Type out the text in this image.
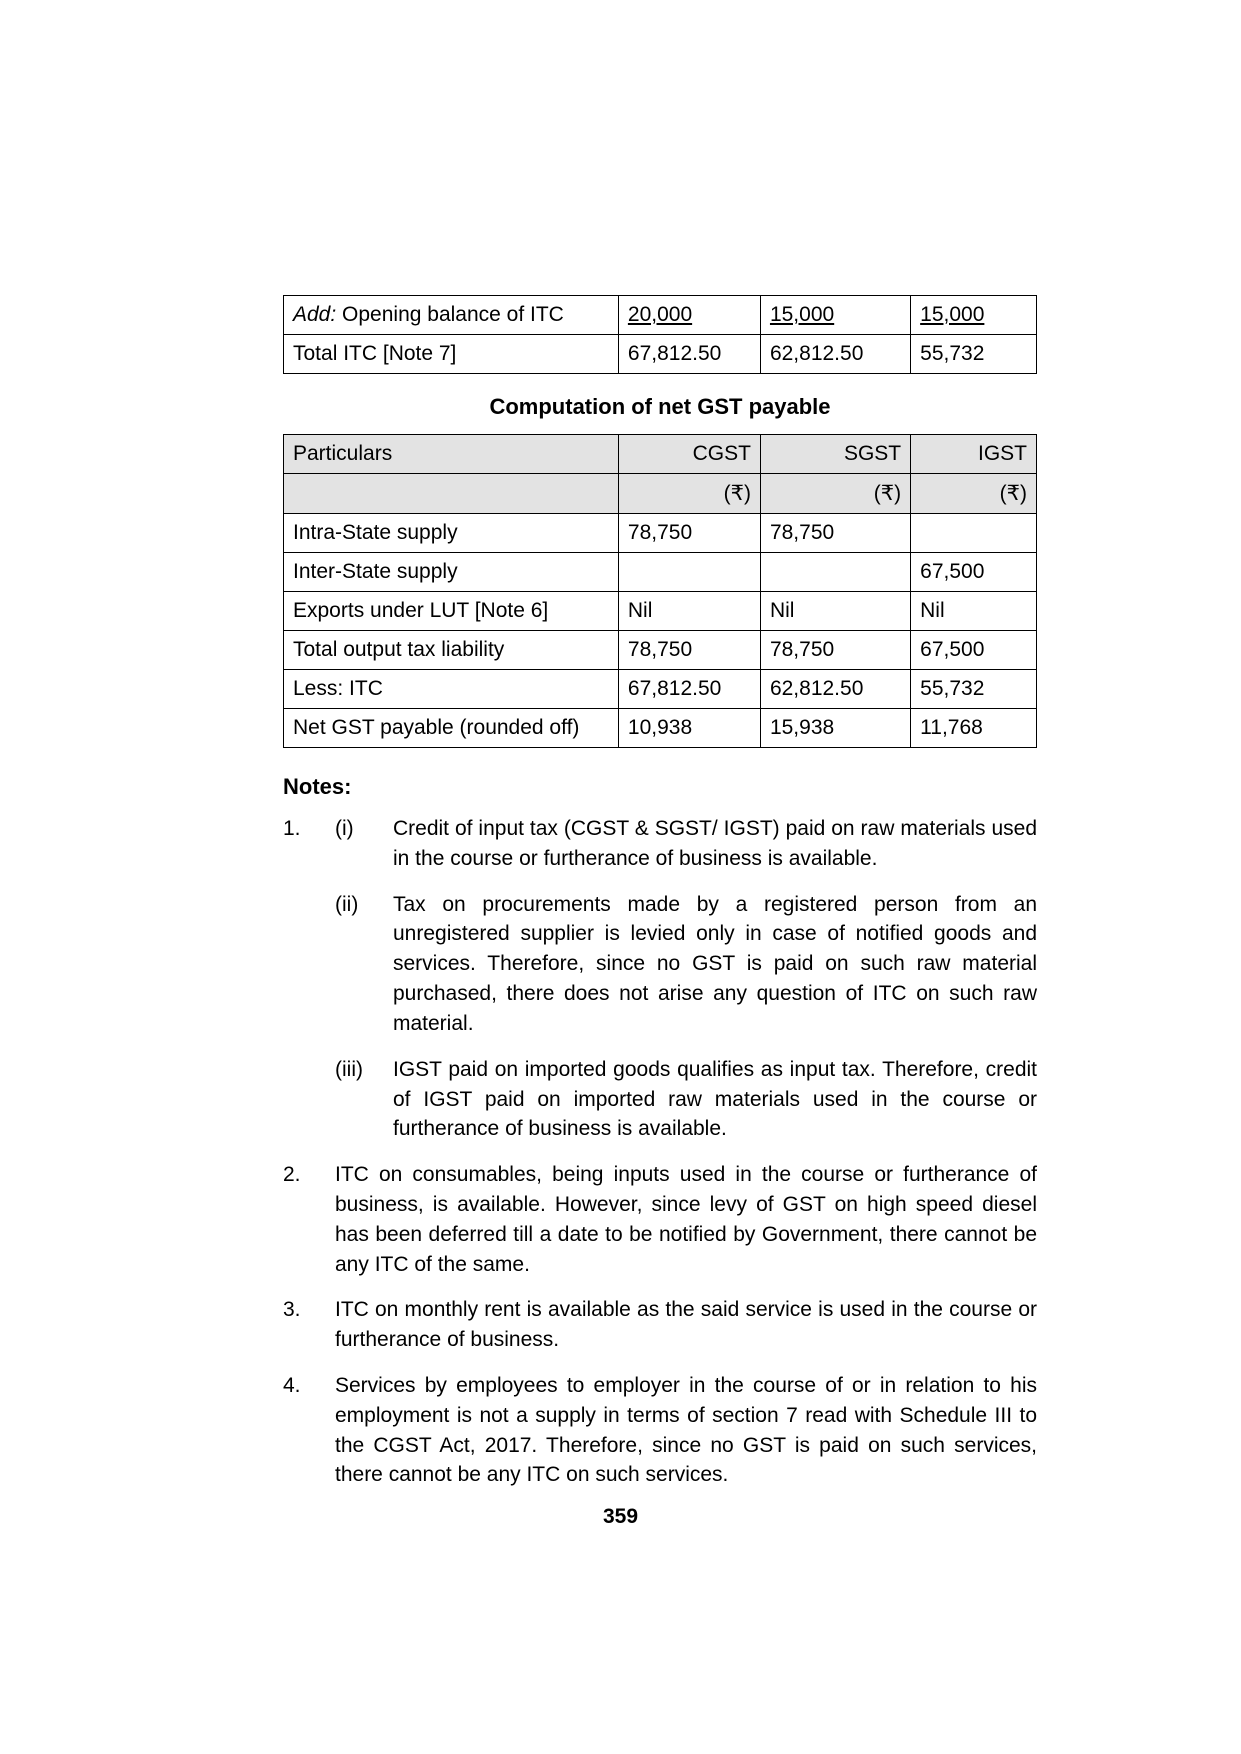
Add: Opening balance of ITC	20,000	15,000	15,000
Total ITC [Note 7]	67,812.50	62,812.50	55,732
Computation of net GST payable
Particulars	CGST	SGST	IGST
	(₹)	(₹)	(₹)
Intra-State supply	78,750	78,750	
Inter-State supply			67,500
Exports under LUT [Note 6]	Nil	Nil	Nil
Total output tax liability	78,750	78,750	67,500
Less: ITC	67,812.50	62,812.50	55,732
Net GST payable (rounded off)	10,938	15,938	11,768
Notes:
1.	(i)	Credit of input tax (CGST & SGST/ IGST) paid on raw materials used in the course or furtherance of business is available.
(ii)	Tax on procurements made by a registered person from an unregistered supplier is levied only in case of notified goods and services. Therefore, since no GST is paid on such raw material purchased, there does not arise any question of ITC on such raw material.
(iii)	IGST paid on imported goods qualifies as input tax. Therefore, credit of IGST paid on imported raw materials used in the course or furtherance of business is available.
2.	ITC on consumables, being inputs used in the course or furtherance of business, is available. However, since levy of GST on high speed diesel has been deferred till a date to be notified by Government, there cannot be any ITC of the same.
3.	ITC on monthly rent is available as the said service is used in the course or furtherance of business.
4.	Services by employees to employer in the course of or in relation to his employment is not a supply in terms of section 7 read with Schedule III to the CGST Act, 2017. Therefore, since no GST is paid on such services, there cannot be any ITC on such services.
359
